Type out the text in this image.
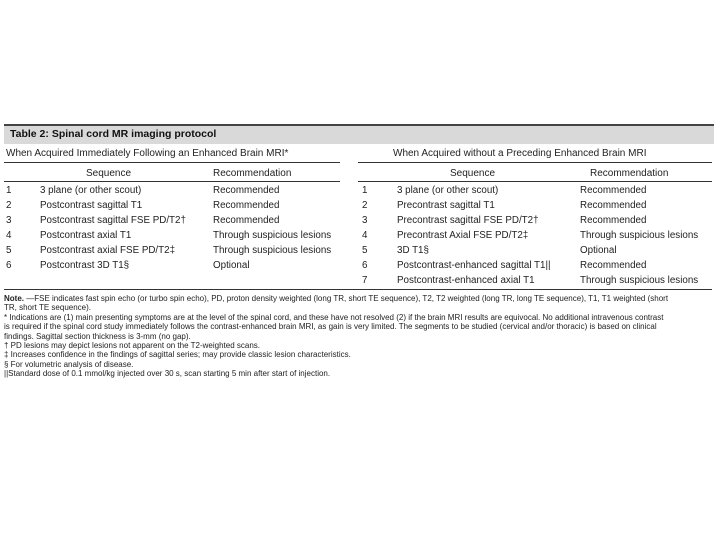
Table 2: Spinal cord MR imaging protocol
When Acquired Immediately Following an Enhanced Brain MRI*	When Acquired without a Preceding Enhanced Brain MRI
Sequence	Recommendation	Sequence	Recommendation
1	3 plane (or other scout)	Recommended
2	Postcontrast sagittal T1	Recommended
3	Postcontrast sagittal FSE PD/T2†	Recommended
4	Postcontrast axial T1	Through suspicious lesions
5	Postcontrast axial FSE PD/T2‡	Through suspicious lesions
6	Postcontrast 3D T1§	Optional
1	3 plane (or other scout)	Recommended
2	Precontrast sagittal T1	Recommended
3	Precontrast sagittal FSE PD/T2†	Recommended
4	Precontrast Axial FSE PD/T2‡	Through suspicious lesions
5	3D T1§	Optional
6	Postcontrast-enhanced sagittal T1||	Recommended
7	Postcontrast-enhanced axial T1	Through suspicious lesions

Note. —FSE indicates fast spin echo (or turbo spin echo), PD, proton density weighted (long TR, short TE sequence), T2, T2 weighted (long TR, long TE sequence), T1, T1 weighted (short

TR, short TE sequence).

* Indications are (1) main presenting symptoms are at the level of the spinal cord, and these have not resolved (2) if the brain MRI results are equivocal. No additional intravenous contrast

is required if the spinal cord study immediately follows the contrast-enhanced brain MRI, as gain is very limited. The segments to be studied (cervical and/or thoracic) is based on clinical

findings. Sagittal section thickness is 3-mm (no gap).

† PD lesions may depict lesions not apparent on the T2-weighted scans.

‡ Increases confidence in the findings of sagittal series; may provide classic lesion characteristics.

§ For volumetric analysis of disease.

||Standard dose of 0.1 mmol/kg injected over 30 s, scan starting 5 min after start of injection.
